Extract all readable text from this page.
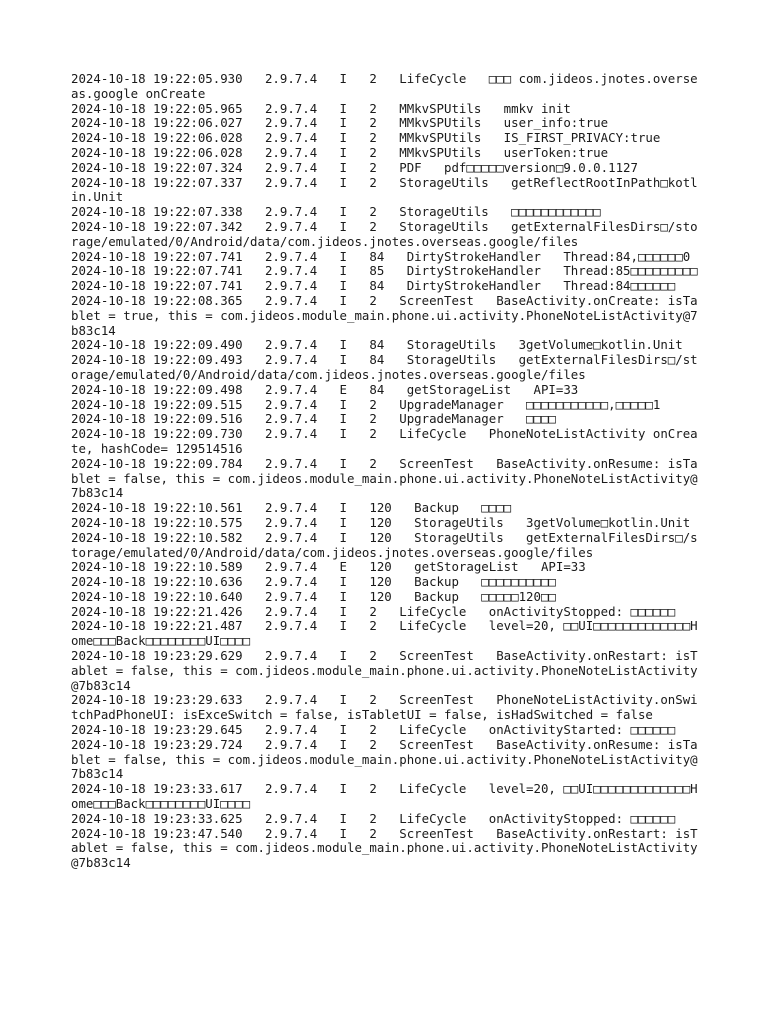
2024-10-18 19:22:05.930   2.9.7.4   I   2   LifeCycle   □□□ com.jideos.jnotes.overseas.google onCreate
2024-10-18 19:22:05.965   2.9.7.4   I   2   MMkvSPUtils   mmkv init
2024-10-18 19:22:06.027   2.9.7.4   I   2   MMkvSPUtils   user_info:true
2024-10-18 19:22:06.028   2.9.7.4   I   2   MMkvSPUtils   IS_FIRST_PRIVACY:true
2024-10-18 19:22:06.028   2.9.7.4   I   2   MMkvSPUtils   userToken:true
2024-10-18 19:22:07.324   2.9.7.4   I   2   PDF   pdf□□□□□version□9.0.0.1127
2024-10-18 19:22:07.337   2.9.7.4   I   2   StorageUtils   getReflectRootInPath□kotlin.Unit
2024-10-18 19:22:07.338   2.9.7.4   I   2   StorageUtils   □□□□□□□□□□□□
2024-10-18 19:22:07.342   2.9.7.4   I   2   StorageUtils   getExternalFilesDirs□/storage/emulated/0/Android/data/com.jideos.jnotes.overseas.google/files
2024-10-18 19:22:07.741   2.9.7.4   I   84   DirtyStrokeHandler   Thread:84,□□□□□□0
2024-10-18 19:22:07.741   2.9.7.4   I   85   DirtyStrokeHandler   Thread:85□□□□□□□□□
2024-10-18 19:22:07.741   2.9.7.4   I   84   DirtyStrokeHandler   Thread:84□□□□□□
2024-10-18 19:22:08.365   2.9.7.4   I   2   ScreenTest   BaseActivity.onCreate: isTablet = true, this = com.jideos.module_main.phone.ui.activity.PhoneNoteListActivity@7b83c14
2024-10-18 19:22:09.490   2.9.7.4   I   84   StorageUtils   3getVolume□kotlin.Unit
2024-10-18 19:22:09.493   2.9.7.4   I   84   StorageUtils   getExternalFilesDirs□/storage/emulated/0/Android/data/com.jideos.jnotes.overseas.google/files
2024-10-18 19:22:09.498   2.9.7.4   E   84   getStorageList   API=33
2024-10-18 19:22:09.515   2.9.7.4   I   2   UpgradeManager   □□□□□□□□□□□,□□□□□1
2024-10-18 19:22:09.516   2.9.7.4   I   2   UpgradeManager   □□□□
2024-10-18 19:22:09.730   2.9.7.4   I   2   LifeCycle   PhoneNoteListActivity onCreate, hashCode= 129514516
2024-10-18 19:22:09.784   2.9.7.4   I   2   ScreenTest   BaseActivity.onResume: isTablet = false, this = com.jideos.module_main.phone.ui.activity.PhoneNoteListActivity@7b83c14
2024-10-18 19:22:10.561   2.9.7.4   I   120   Backup   □□□□
2024-10-18 19:22:10.575   2.9.7.4   I   120   StorageUtils   3getVolume□kotlin.Unit
2024-10-18 19:22:10.582   2.9.7.4   I   120   StorageUtils   getExternalFilesDirs□/storage/emulated/0/Android/data/com.jideos.jnotes.overseas.google/files
2024-10-18 19:22:10.589   2.9.7.4   E   120   getStorageList   API=33
2024-10-18 19:22:10.636   2.9.7.4   I   120   Backup   □□□□□□□□□□
2024-10-18 19:22:10.640   2.9.7.4   I   120   Backup   □□□□□120□□
2024-10-18 19:22:21.426   2.9.7.4   I   2   LifeCycle   onActivityStopped: □□□□□□
2024-10-18 19:22:21.487   2.9.7.4   I   2   LifeCycle   level=20, □□UI□□□□□□□□□□□□□Home□□□Back□□□□□□□□UI□□□□
2024-10-18 19:23:29.629   2.9.7.4   I   2   ScreenTest   BaseActivity.onRestart: isTablet = false, this = com.jideos.module_main.phone.ui.activity.PhoneNoteListActivity@7b83c14
2024-10-18 19:23:29.633   2.9.7.4   I   2   ScreenTest   PhoneNoteListActivity.onSwitchPadPhoneUI: isExceSwitch = false, isTabletUI = false, isHadSwitched = false
2024-10-18 19:23:29.645   2.9.7.4   I   2   LifeCycle   onActivityStarted: □□□□□□
2024-10-18 19:23:29.724   2.9.7.4   I   2   ScreenTest   BaseActivity.onResume: isTablet = false, this = com.jideos.module_main.phone.ui.activity.PhoneNoteListActivity@7b83c14
2024-10-18 19:23:33.617   2.9.7.4   I   2   LifeCycle   level=20, □□UI□□□□□□□□□□□□□Home□□□Back□□□□□□□□UI□□□□
2024-10-18 19:23:33.625   2.9.7.4   I   2   LifeCycle   onActivityStopped: □□□□□□
2024-10-18 19:23:47.540   2.9.7.4   I   2   ScreenTest   BaseActivity.onRestart: isTablet = false, this = com.jideos.module_main.phone.ui.activity.PhoneNoteListActivity@7b83c14
